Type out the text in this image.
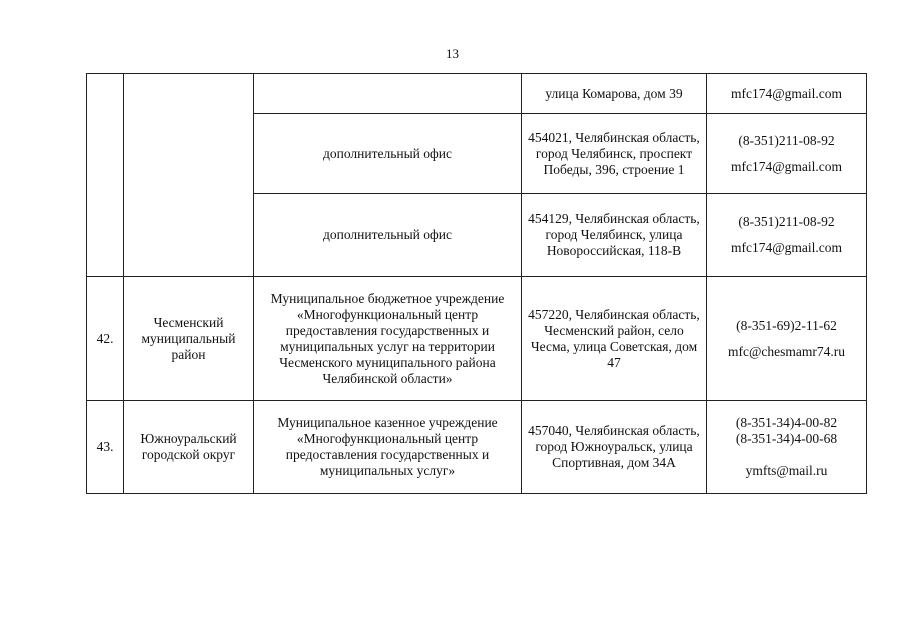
13
			улица Комарова, дом 39	mfc174@gmail.com

		дополнительный офис	454021, Челябинская область, город Челябинск, проспект Победы, 396, строение 1	(8-351)211-08-92
mfc174@gmail.com

		дополнительный офис	454129, Челябинская область, город Челябинск, улица Новороссийская, 118-В	(8-351)211-08-92
mfc174@gmail.com

42.	Чесменский муниципальный район	Муниципальное бюджетное учреждение «Многофункциональный центр предоставления государственных и муниципальных услуг на территории Чесменского муниципального района Челябинской области»	457220, Челябинская область, Чесменский район, село Чесма, улица Советская, дом 47	(8-351-69)2-11-62
mfc@chesmamr74.ru

43.	Южноуральский городской округ	Муниципальное казенное учреждение «Многофункциональный центр предоставления государственных и муниципальных услуг»	457040, Челябинская область, город Южноуральск, улица Спортивная, дом 34А	(8-351-34)4-00-82
(8-351-34)4-00-68
ymfts@mail.ru
